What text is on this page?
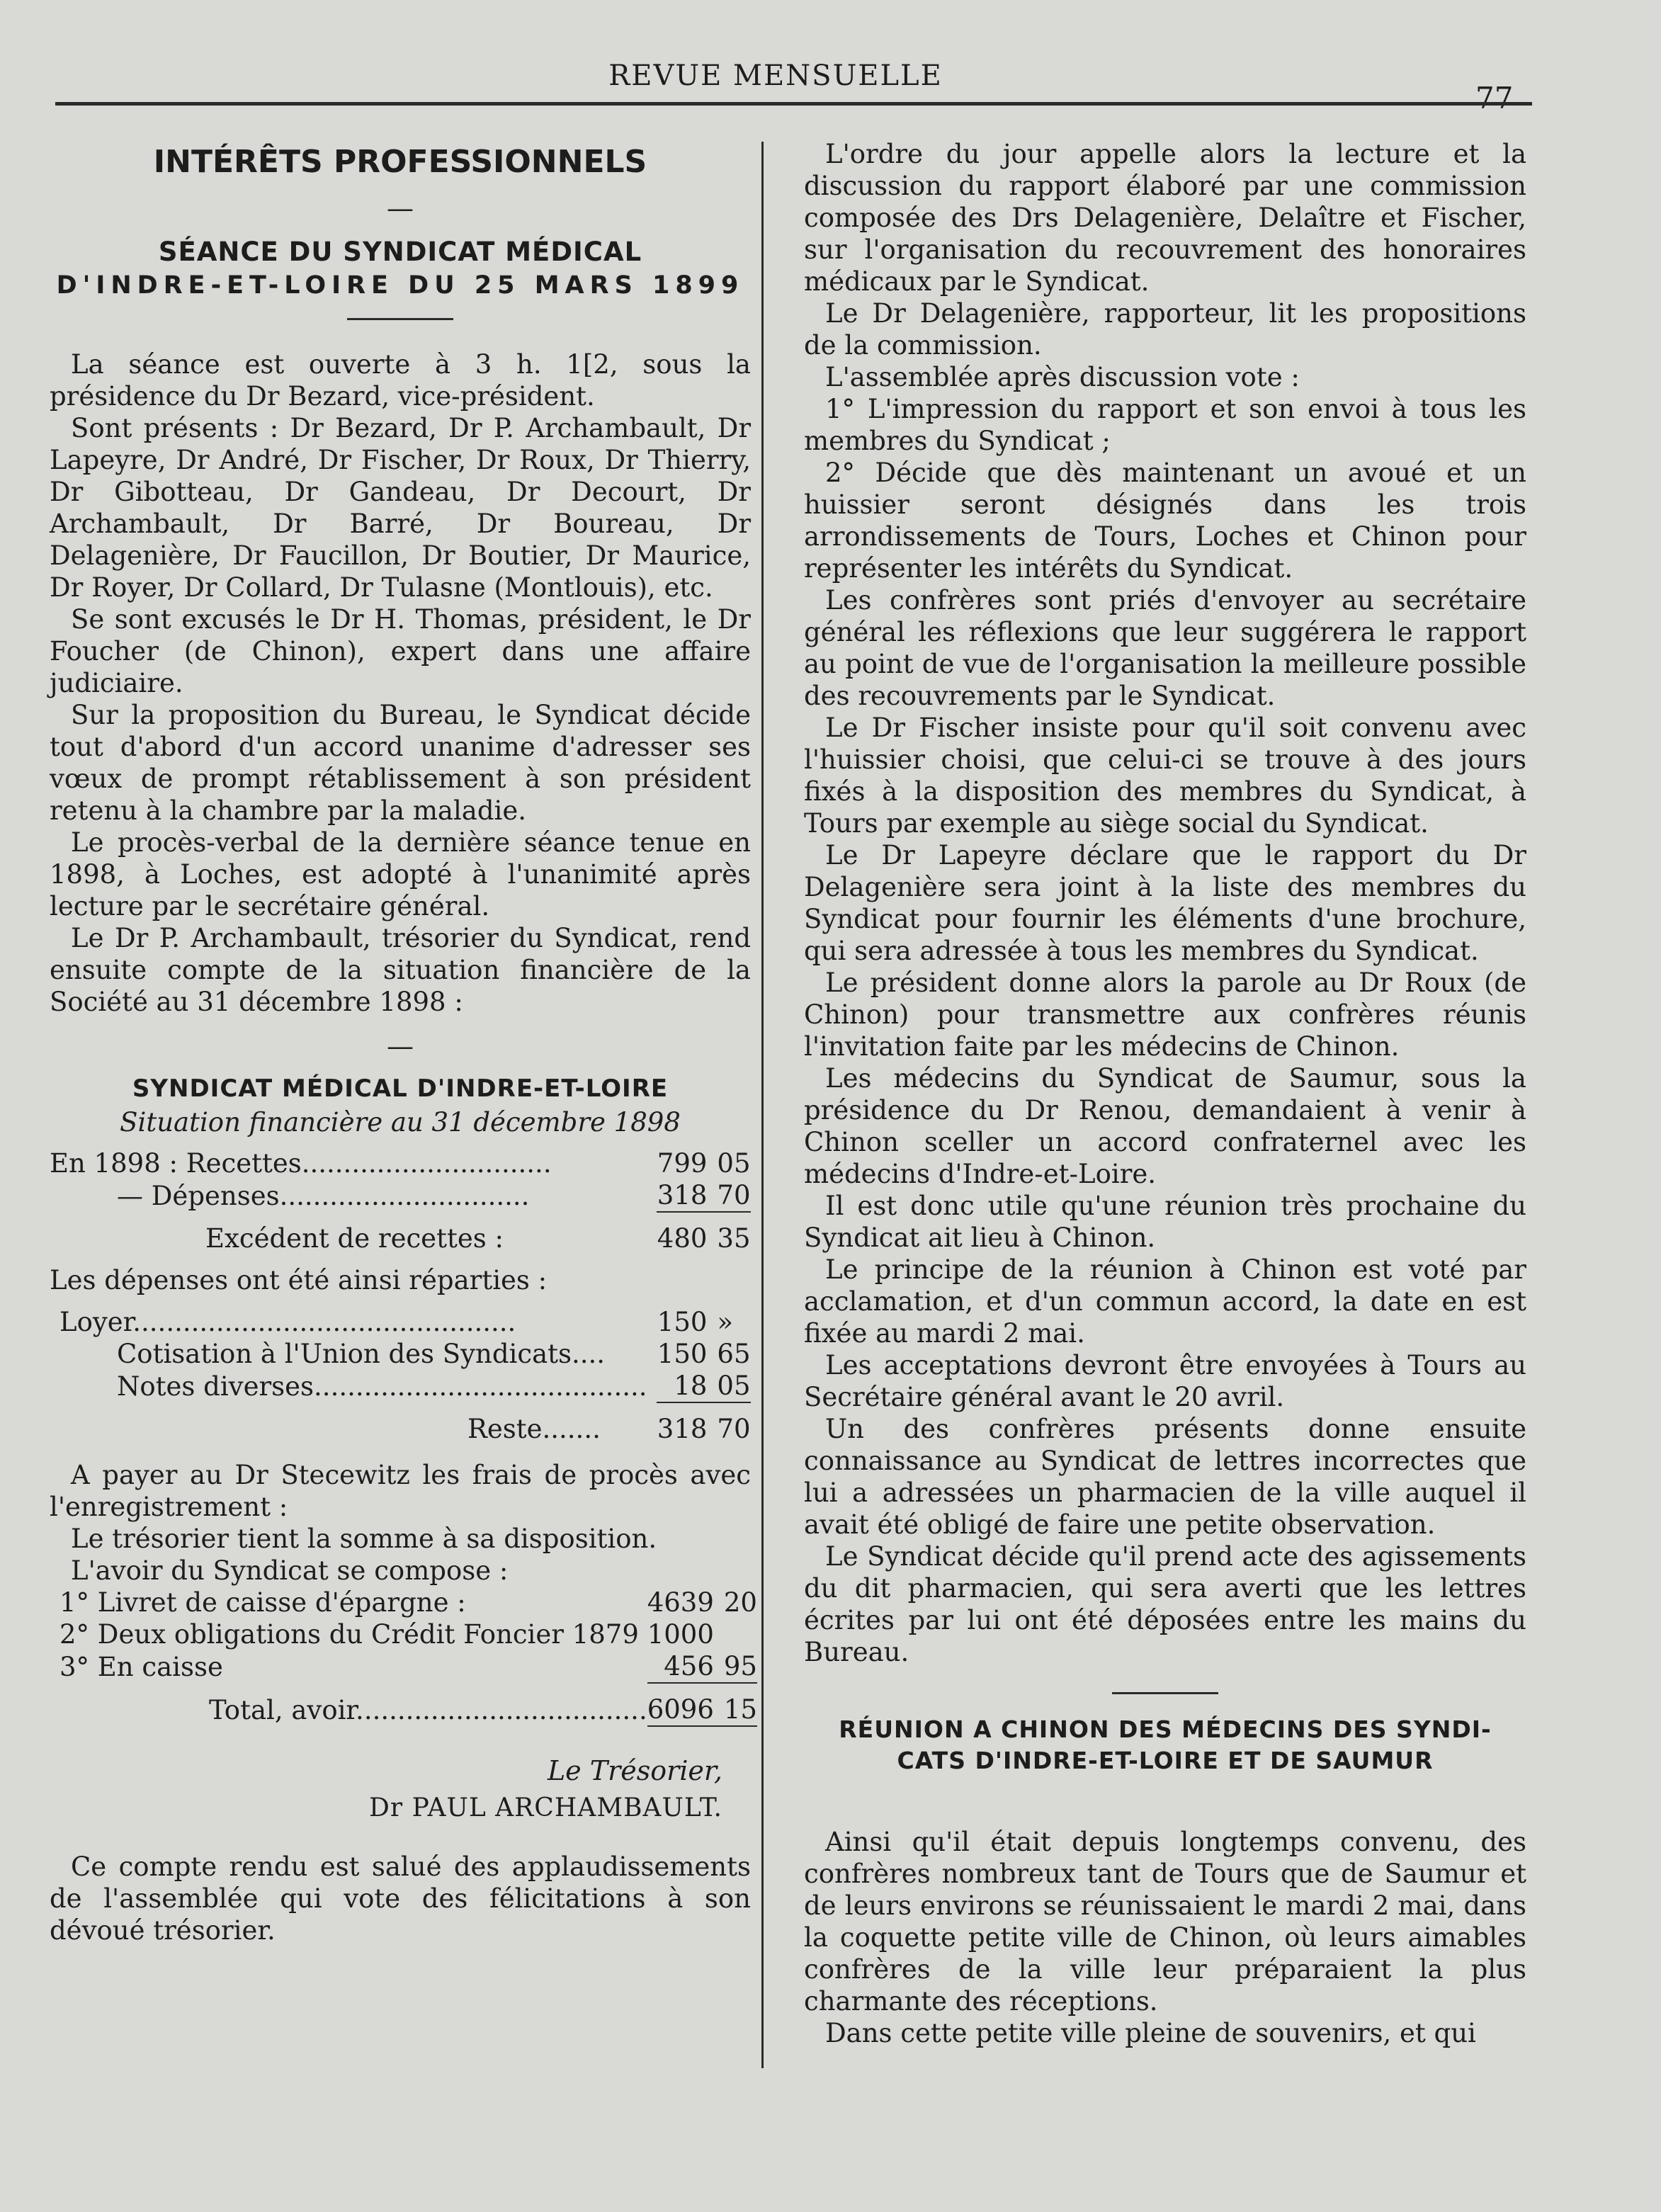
REVUE MENSUELLE
77
INTÉRÊTS PROFESSIONNELS
—
SÉANCE DU SYNDICAT MÉDICAL
D'INDRE-ET-LOIRE DU 25 MARS 1899

La séance est ouverte à 3 h. 1[2, sous la présidence du Dr Bezard, vice-président.

Sont présents : Dr Bezard, Dr P. Archambault, Dr Lapeyre, Dr André, Dr Fischer, Dr Roux, Dr Thierry, Dr Gibotteau, Dr Gandeau, Dr Decourt, Dr Archambault, Dr Barré, Dr Boureau, Dr Delagenière, Dr Faucillon, Dr Boutier, Dr Maurice, Dr Royer, Dr Collard, Dr Tulasne (Montlouis), etc.

Se sont excusés le Dr H. Thomas, président, le Dr Foucher (de Chinon), expert dans une affaire judiciaire.

Sur la proposition du Bureau, le Syndicat décide tout d'abord d'un accord unanime d'adresser ses vœux de prompt rétablissement à son président retenu à la chambre par la maladie.

Le procès-verbal de la dernière séance tenue en 1898, à Loches, est adopté à l'unanimité après lecture par le secrétaire général.

Le Dr P. Archambault, trésorier du Syndicat, rend ensuite compte de la situation financière de la Société au 31 décembre 1898 :

—
SYNDICAT MÉDICAL D'INDRE-ET-LOIRE
Situation financière au 31 décembre 1898
En 1898 : Recettes..............................	799	05
— Dépenses..............................	318	70

Excédent de recettes :	480	35

Les dépenses ont été ainsi réparties :		

Loyer..............................................	150	»
Cotisation à l'Union des Syndicats....	150	65
Notes diverses........................................	18	05

Reste.......	318	70

A payer au Dr Stecewitz les frais de procès avec l'enregistrement :

Le trésorier tient la somme à sa disposition.

L'avoir du Syndicat se compose :

1° Livret de caisse d'épargne :	4639	20
2° Deux obligations du Crédit Foncier 1879	1000	
3° En caisse	456	95

Total, avoir...................................	6096	15
Le Trésorier,
Dr PAUL ARCHAMBAULT.

Ce compte rendu est salué des applaudissements de l'assemblée qui vote des félicitations à son dévoué trésorier.

L'ordre du jour appelle alors la lecture et la discussion du rapport élaboré par une commission composée des Drs Delagenière, Delaître et Fischer, sur l'organisation du recouvrement des honoraires médicaux par le Syndicat.

Le Dr Delagenière, rapporteur, lit les propositions de la commission.

L'assemblée après discussion vote :

1° L'impression du rapport et son envoi à tous les membres du Syndicat ;

2° Décide que dès maintenant un avoué et un huissier seront désignés dans les trois arrondissements de Tours, Loches et Chinon pour représenter les intérêts du Syndicat.

Les confrères sont priés d'envoyer au secrétaire général les réflexions que leur suggérera le rapport au point de vue de l'organisation la meilleure possible des recouvrements par le Syndicat.

Le Dr Fischer insiste pour qu'il soit convenu avec l'huissier choisi, que celui-ci se trouve à des jours fixés à la disposition des membres du Syndicat, à Tours par exemple au siège social du Syndicat.

Le Dr Lapeyre déclare que le rapport du Dr Delagenière sera joint à la liste des membres du Syndicat pour fournir les éléments d'une brochure, qui sera adressée à tous les membres du Syndicat.

Le président donne alors la parole au Dr Roux (de Chinon) pour transmettre aux confrères réunis l'invitation faite par les médecins de Chinon.

Les médecins du Syndicat de Saumur, sous la présidence du Dr Renou, demandaient à venir à Chinon sceller un accord confraternel avec les médecins d'Indre-et-Loire.

Il est donc utile qu'une réunion très prochaine du Syndicat ait lieu à Chinon.

Le principe de la réunion à Chinon est voté par acclamation, et d'un commun accord, la date en est fixée au mardi 2 mai.

Les acceptations devront être envoyées à Tours au Secrétaire général avant le 20 avril.

Un des confrères présents donne ensuite connaissance au Syndicat de lettres incorrectes que lui a adressées un pharmacien de la ville auquel il avait été obligé de faire une petite observation.

Le Syndicat décide qu'il prend acte des agissements du dit pharmacien, qui sera averti que les lettres écrites par lui ont été déposées entre les mains du Bureau.

RÉUNION A CHINON DES MÉDECINS DES SYNDI-
CATS D'INDRE-ET-LOIRE ET DE SAUMUR

Ainsi qu'il était depuis longtemps convenu, des confrères nombreux tant de Tours que de Saumur et de leurs environs se réunissaient le mardi 2 mai, dans la coquette petite ville de Chinon, où leurs aimables confrères de la ville leur préparaient la plus charmante des réceptions.

Dans cette petite ville pleine de souvenirs, et qui
